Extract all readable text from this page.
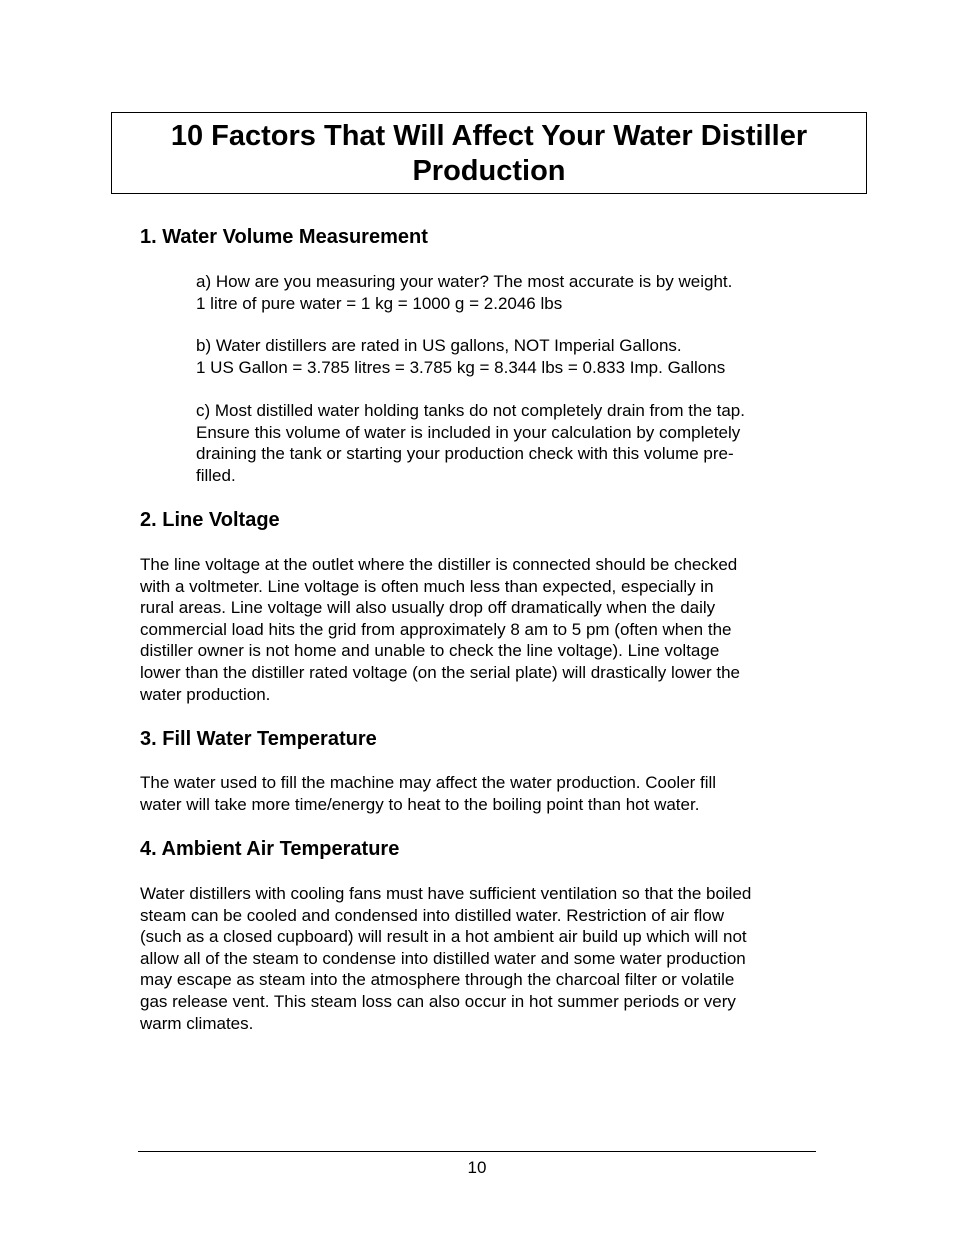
10 Factors That Will Affect Your Water Distiller
Production
1. Water Volume Measurement
a) How are you measuring your water? The most accurate is by weight.
1 litre of pure water = 1 kg = 1000 g = 2.2046 lbs
b) Water distillers are rated in US gallons, NOT Imperial Gallons.
1 US Gallon = 3.785 litres = 3.785 kg = 8.344 lbs = 0.833 Imp. Gallons
c) Most distilled water holding tanks do not completely drain from the tap.
Ensure this volume of water is included in your calculation by completely
draining the tank or starting your production check with this volume pre-
filled.
2. Line Voltage
The line voltage at the outlet where the distiller is connected should be checked
with a voltmeter. Line voltage is often much less than expected, especially in
rural areas. Line voltage will also usually drop off dramatically when the daily
commercial load hits the grid from approximately 8 am to 5 pm (often when the
distiller owner is not home and unable to check the line voltage). Line voltage
lower than the distiller rated voltage (on the serial plate) will drastically lower the
water production.
3. Fill Water Temperature
The water used to fill the machine may affect the water production. Cooler fill
water will take more time/energy to heat to the boiling point than hot water.
4. Ambient Air Temperature
Water distillers with cooling fans must have sufficient ventilation so that the boiled
steam can be cooled and condensed into distilled water. Restriction of air flow
(such as a closed cupboard) will result in a hot ambient air build up which will not
allow all of the steam to condense into distilled water and some water production
may escape as steam into the atmosphere through the charcoal filter or volatile
gas release vent. This steam loss can also occur in hot summer periods or very
warm climates.
10
